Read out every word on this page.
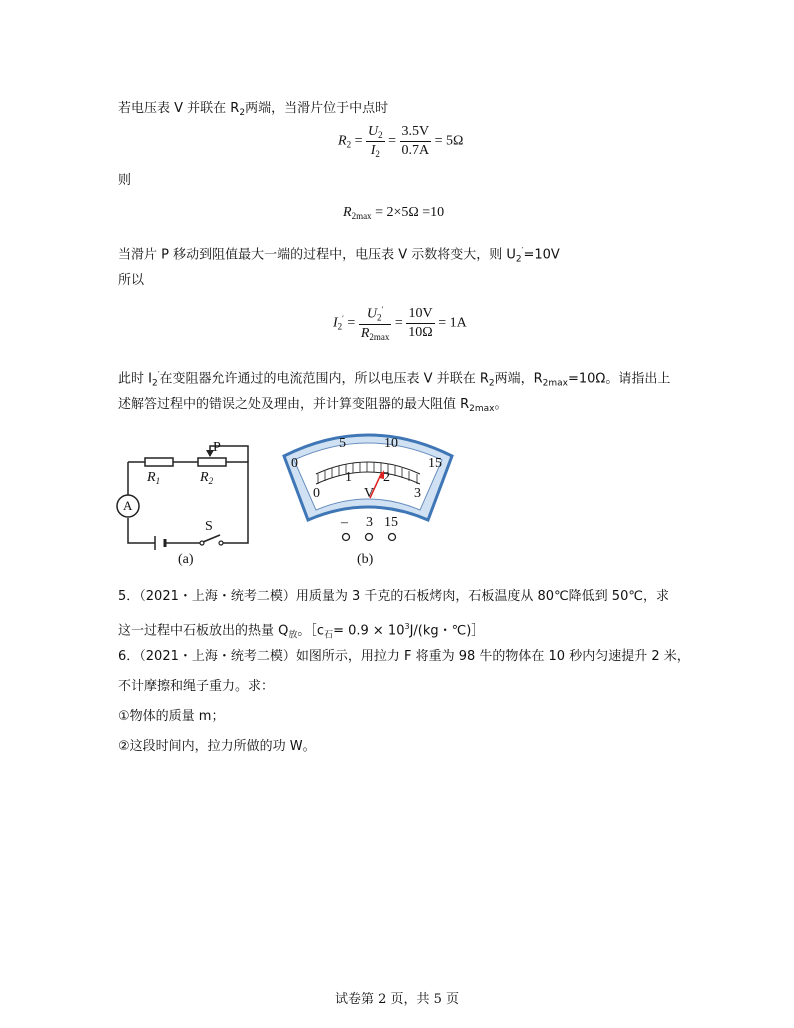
若电压表 V 并联在 $R_2$两端，当滑片位于中点时
$R_2 = \frac{U_2}{I_2} = \frac{3.5V}{0.7A} = 5\Omega$
则
$R_{2max} = 2\times 5\Omega =10$
当滑片 P 移动到阻值最大一端的过程中，电压表 V 示数将变大，则 $U_2'=10V$
所以
$I_2' = \frac{U_2'}{R_{2max}} = \frac{10V}{10\Omega} = 1A$
此时 $I_2'$在变阻器允许通过的电流范围内，所以电压表 V 并联在 $R_2$两端，$R_{2max}=10\Omega$。请指出上
述解答过程中的错误之处及理由，并计算变阻器的最大阻值 $R_{2max}$。
P
$R_1$	$R_2$
A
S
(a)
0
5	10
15
0
1 2
3
V
– 3 15
(b)
5．（2021・上海・统考二模）用质量为 3 千克的石板烤肉，石板温度从 80℃降低到 50℃，求
这一过程中石板放出的热量 $Q_放$。$[c_石= 0.9 \times 10^3J/(kg$・℃)］
6．（2021・上海・统考二模）如图所示，用拉力 F 将重为 98 牛的物体在 10 秒内匀速提升 2 米，
不计摩擦和绳子重力。求：
①物体的质量 m；
②这段时间内，拉力所做的功 W。
试卷第 2 页，共 5 页
